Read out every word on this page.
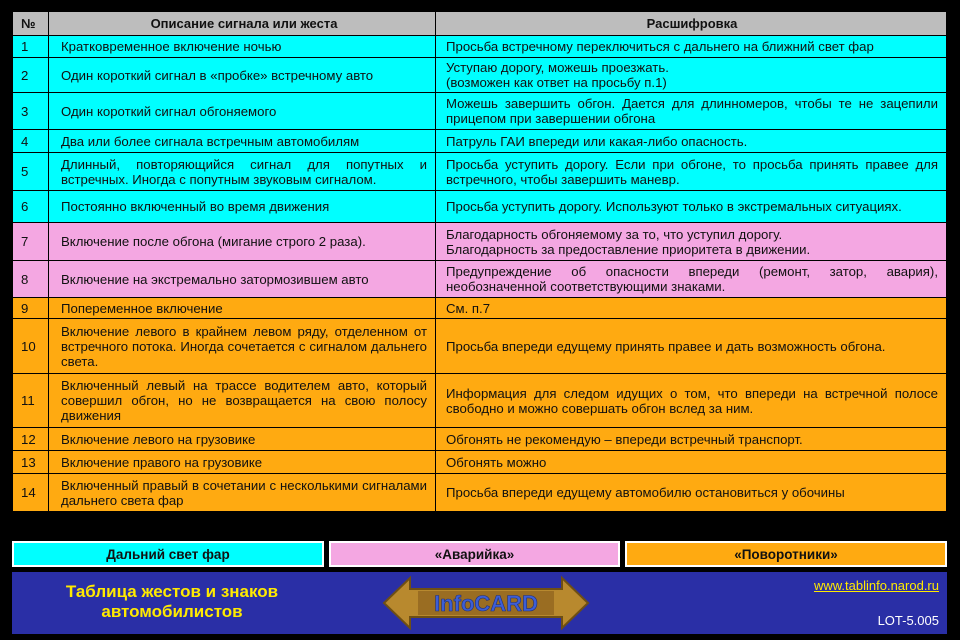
№	Описание сигнала или жеста	Расшифровка
1	Кратковременное включение ночью	Просьба встречному переключиться с дальнего на ближний свет фар
2	Один короткий сигнал в «пробке» встречному авто	Уступаю дорогу, можешь проезжать.
(возможен как ответ на просьбу п.1)
3	Один короткий сигнал обгоняемого	Можешь завершить обгон. Дается для длинномеров, чтобы те не зацепили прицепом при завершении обгона
4	Два или более сигнала встречным автомобилям	Патруль ГАИ впереди или какая-либо опасность.
5	Длинный, повторяющийся сигнал для попутных и встречных. Иногда с попутным звуковым сигналом.	Просьба уступить дорогу. Если при обгоне, то просьба принять правее для встречного, чтобы завершить маневр.
6	Постоянно включенный во время движения	Просьба уступить дорогу. Используют только в экстремальных ситуациях.
7	Включение после обгона (мигание строго 2 раза).	Благодарность обгоняемому за то, что уступил дорогу.
Благодарность за предоставление приоритета в движении.
8	Включение на экстремально затормозившем авто	Предупреждение об опасности впереди (ремонт, затор, авария), необозначенной соответствующими знаками.
9	Попеременное включение	См. п.7
10	Включение левого в крайнем левом ряду, отделенном от встречного потока. Иногда сочетается с сигналом дальнего света.	Просьба впереди едущему принять правее и дать возможность обгона.
11	Включенный левый на трассе водителем авто, который совершил обгон, но не возвращается на свою полосу движения	Информация для следом идущих о том, что впереди на встречной полосе свободно и можно совершать обгон вслед за ним.
12	Включение левого на грузовике	Обгонять не рекомендую – впереди встречный транспорт.
13	Включение правого на грузовике	Обгонять можно
14	Включенный правый в сочетании с несколькими сигналами дальнего света фар	Просьба впереди едущему автомобилю остановиться у обочины
Дальний свет фар	«Аварийка»	«Поворотники»
Таблица жестов и знаков автомобилистов	InfoCARD
www.tablinfo.narod.ru
LOT-5.005
